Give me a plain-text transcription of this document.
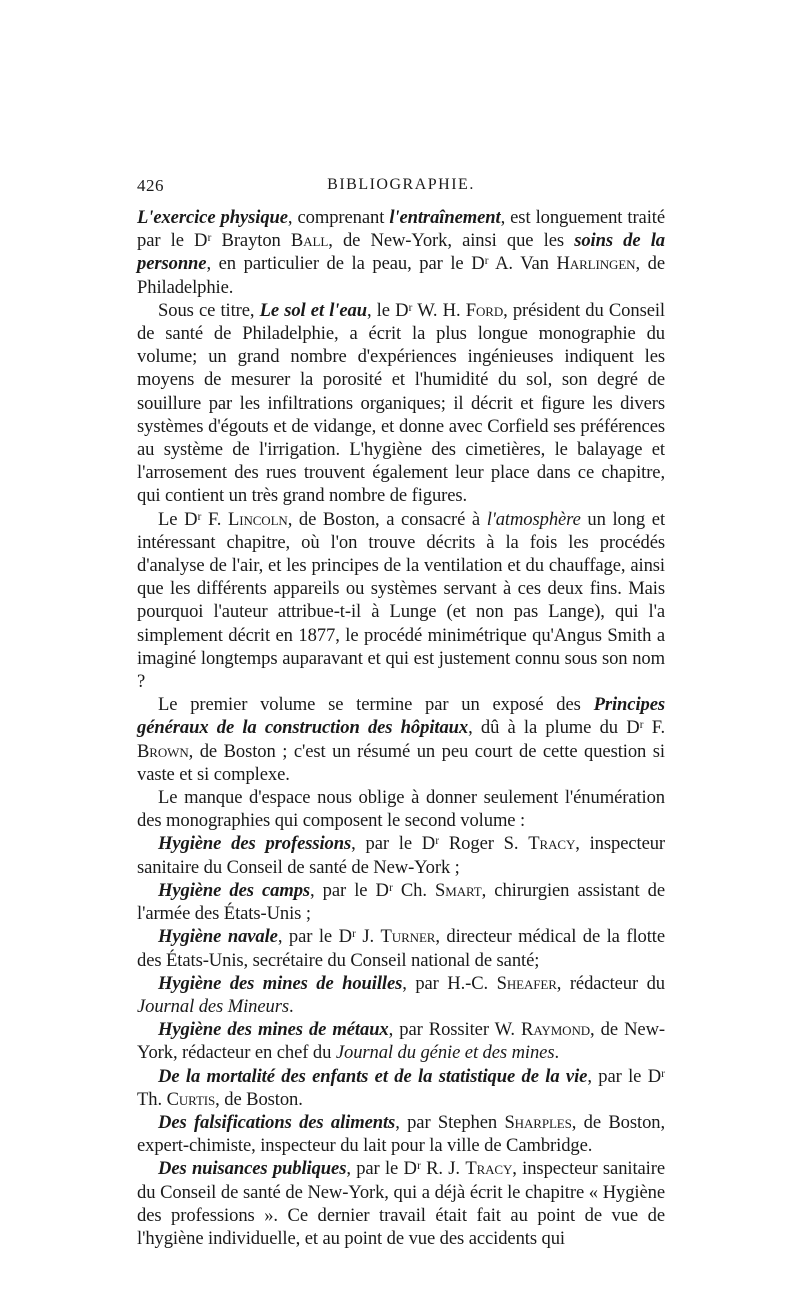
426	BIBLIOGRAPHIE.

L'exercice physique, comprenant l'entraînement, est longuement traité par le Dʳ Brayton Ball, de New-York, ainsi que les soins de la personne, en particulier de la peau, par le Dʳ A. Van Harlingen, de Philadelphie.

Sous ce titre, Le sol et l'eau, le Dʳ W. H. Ford, président du Conseil de santé de Philadelphie, a écrit la plus longue monographie du volume; un grand nombre d'expériences ingénieuses indiquent les moyens de mesurer la porosité et l'humidité du sol, son degré de souillure par les infiltrations organiques; il décrit et figure les divers systèmes d'égouts et de vidange, et donne avec Corfield ses préférences au système de l'irrigation. L'hygiène des cimetières, le balayage et l'arrosement des rues trouvent également leur place dans ce chapitre, qui contient un très grand nombre de figures.

Le Dʳ F. Lincoln, de Boston, a consacré à l'atmosphère un long et intéressant chapitre, où l'on trouve décrits à la fois les procédés d'analyse de l'air, et les principes de la ventilation et du chauffage, ainsi que les différents appareils ou systèmes servant à ces deux fins. Mais pourquoi l'auteur attribue-t-il à Lunge (et non pas Lange), qui l'a simplement décrit en 1877, le procédé minimétrique qu'Angus Smith a imaginé longtemps auparavant et qui est justement connu sous son nom ?

Le premier volume se termine par un exposé des Principes généraux de la construction des hôpitaux, dû à la plume du Dʳ F. Brown, de Boston ; c'est un résumé un peu court de cette question si vaste et si complexe.

Le manque d'espace nous oblige à donner seulement l'énumération des monographies qui composent le second volume :

Hygiène des professions, par le Dʳ Roger S. Tracy, inspecteur sanitaire du Conseil de santé de New-York ;

Hygiène des camps, par le Dʳ Ch. Smart, chirurgien assistant de l'armée des États-Unis ;

Hygiène navale, par le Dʳ J. Turner, directeur médical de la flotte des États-Unis, secrétaire du Conseil national de santé;

Hygiène des mines de houilles, par H.-C. Sheafer, rédacteur du Journal des Mineurs.

Hygiène des mines de métaux, par Rossiter W. Raymond, de New-York, rédacteur en chef du Journal du génie et des mines.

De la mortalité des enfants et de la statistique de la vie, par le Dʳ Th. Curtis, de Boston.

Des falsifications des aliments, par Stephen Sharples, de Boston, expert-chimiste, inspecteur du lait pour la ville de Cambridge.

Des nuisances publiques, par le Dʳ R. J. Tracy, inspecteur sanitaire du Conseil de santé de New-York, qui a déjà écrit le chapitre « Hygiène des professions ». Ce dernier travail était fait au point de vue de l'hygiène individuelle, et au point de vue des accidents qui
